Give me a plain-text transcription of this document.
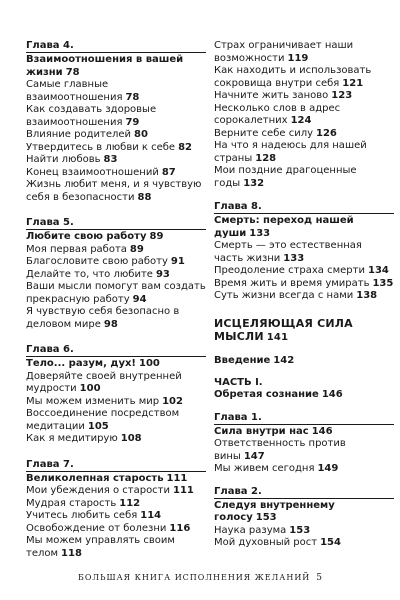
Глава 4.

Взаимоотношения в вашей жизни 78

Самые главные взаимоотношения 78

Как создавать здоровые взаимоотношения 79

Влияние родителей 80

Утвердитесь в любви к себе 82

Найти любовь 83

Конец взаимоотношений 87

Жизнь любит меня, и я чувствую себя в безопасности 88

Глава 5.

Любите свою работу 89

Моя первая работа 89

Благословите свою работу 91

Делайте то, что любите 93

Ваши мысли помогут вам создать прекрасную работу 94

Я чувствую себя безопасно в деловом мире 98

Глава 6.

Тело... разум, дух! 100

Доверяйте своей внутренней мудрости 100

Мы можем изменить мир 102

Воссоединение посредством медитации 105

Как я медитирую 108

Глава 7.

Великолепная старость 111

Мои убеждения о старости 111

Мудрая старость 112

Учитесь любить себя 114

Освобождение от болезни 116

Мы можем управлять своим телом 118

Страх ограничивает наши возможности 119

Как находить и использовать сокровища внутри себя 121

Начните жить заново 123

Несколько слов в адрес сорокалетних 124

Верните себе силу 126

На что я надеюсь для нашей страны 128

Мои поздние драгоценные годы 132

Глава 8.

Смерть: переход нашей души 133

Смерть — это естественная часть жизни 133

Преодоление страха смерти 134

Время жить и время умирать 135

Суть жизни всегда с нами 138

ИСЦЕЛЯЮЩАЯ СИЛА МЫСЛИ 141

Введение 142

ЧАСТЬ I.

Обретая сознание 146

Глава 1.

Сила внутри нас 146

Ответственность против вины 147

Мы живем сегодня 149

Глава 2.

Следуя внутреннему голосу 153

Наука разума 153

Мой духовный рост 154

БОЛЬШАЯ КНИГА ИСПОЛНЕНИЯ ЖЕЛАНИЙ 5
